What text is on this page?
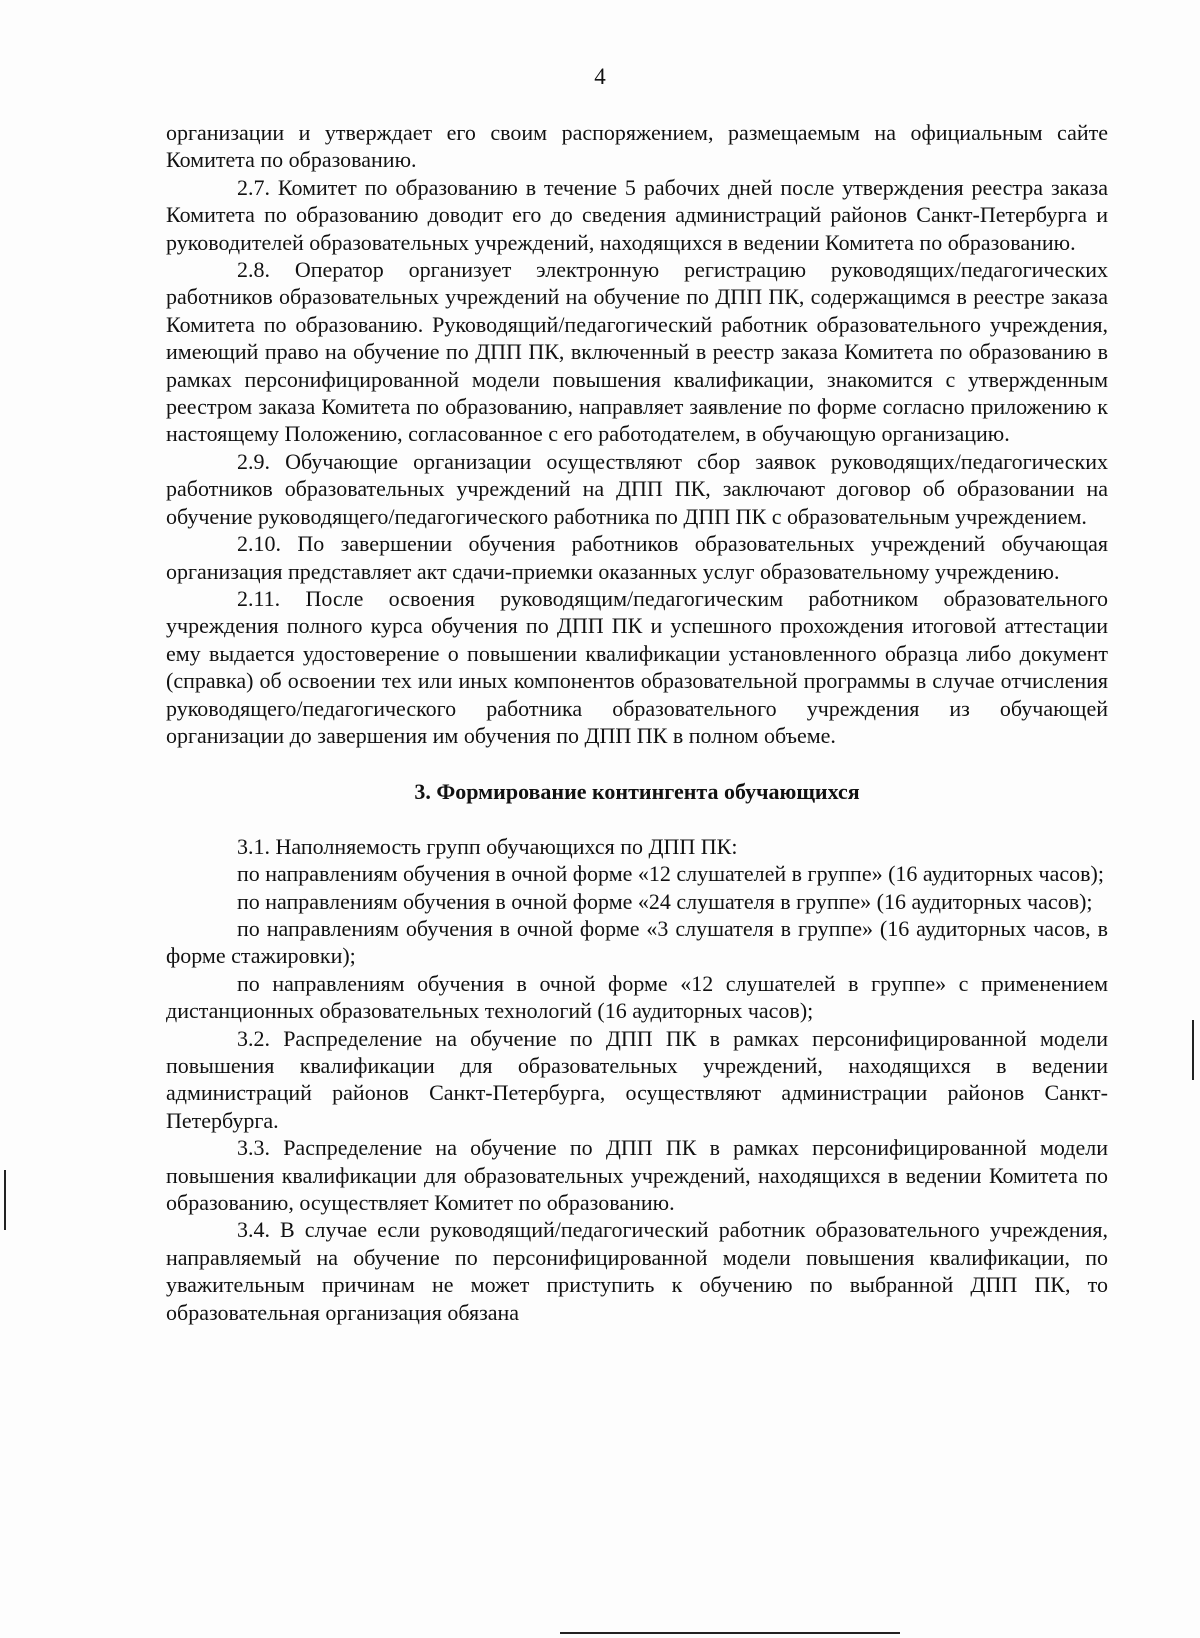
4

организации и утверждает его своим распоряжением, размещаемым на официальным сайте Комитета по образованию.

2.7. Комитет по образованию в течение 5 рабочих дней после утверждения реестра заказа Комитета по образованию доводит его до сведения администраций районов Санкт-Петербурга и руководителей образовательных учреждений, находящихся в ведении Комитета по образованию.

2.8. Оператор организует электронную регистрацию руководящих/педагогических работников образовательных учреждений на обучение по ДПП ПК, содержащимся в реестре заказа Комитета по образованию. Руководящий/педагогический работник образовательного учреждения, имеющий право на обучение по ДПП ПК, включенный в реестр заказа Комитета по образованию в рамках персонифицированной модели повышения квалификации, знакомится с утвержденным реестром заказа Комитета по образованию, направляет заявление по форме согласно приложению к настоящему Положению, согласованное с его работодателем, в обучающую организацию.

2.9. Обучающие организации осуществляют сбор заявок руководящих/педагогических работников образовательных учреждений на ДПП ПК, заключают договор об образовании на обучение руководящего/педагогического работника по ДПП ПК с образовательным учреждением.

2.10. По завершении обучения работников образовательных учреждений обучающая организация представляет акт сдачи-приемки оказанных услуг образовательному учреждению.

2.11. После освоения руководящим/педагогическим работником образовательного учреждения полного курса обучения по ДПП ПК и успешного прохождения итоговой аттестации ему выдается удостоверение о повышении квалификации установленного образца либо документ (справка) об освоении тех или иных компонентов образовательной программы в случае отчисления руководящего/педагогического работника образовательного учреждения из обучающей организации до завершения им обучения по ДПП ПК в полном объеме.

3. Формирование контингента обучающихся

3.1. Наполняемость групп обучающихся по ДПП ПК:

по направлениям обучения в очной форме «12 слушателей в группе» (16 аудиторных часов);

по направлениям обучения в очной форме «24 слушателя в группе» (16 аудиторных часов);

по направлениям обучения в очной форме «3 слушателя в группе» (16 аудиторных часов, в форме стажировки);

по направлениям обучения в очной форме «12 слушателей в группе» с применением дистанционных образовательных технологий (16 аудиторных часов);

3.2. Распределение на обучение по ДПП ПК в рамках персонифицированной модели повышения квалификации для образовательных учреждений, находящихся в ведении администраций районов Санкт-Петербурга, осуществляют администрации районов Санкт-Петербурга.

3.3. Распределение на обучение по ДПП ПК в рамках персонифицированной модели повышения квалификации для образовательных учреждений, находящихся в ведении Комитета по образованию, осуществляет Комитет по образованию.

3.4. В случае если руководящий/педагогический работник образовательного учреждения, направляемый на обучение по персонифицированной модели повышения квалификации, по уважительным причинам не может приступить к обучению по выбранной ДПП ПК, то образовательная организация обязана
